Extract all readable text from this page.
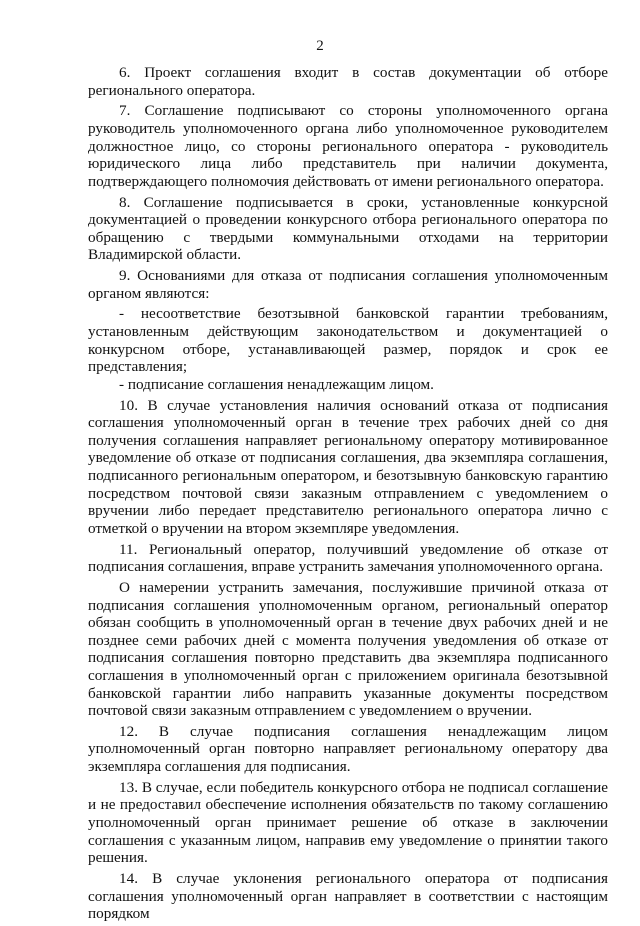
2

6. Проект соглашения входит в состав документации об отборе регионального оператора.

7. Соглашение подписывают со стороны уполномоченного органа руководитель уполномоченного органа либо уполномоченное руководителем должностное лицо, со стороны регионального оператора - руководитель юридического лица либо представитель при наличии документа, подтверждающего полномочия действовать от имени регионального оператора.

8. Соглашение подписывается в сроки, установленные конкурсной документацией о проведении конкурсного отбора регионального оператора по обращению с твердыми коммунальными отходами на территории Владимирской области.

9. Основаниями для отказа от подписания соглашения уполномоченным органом являются:

- несоответствие безотзывной банковской гарантии требованиям, установленным действующим законодательством и документацией о конкурсном отборе, устанавливающей размер, порядок и срок ее представления;

- подписание соглашения ненадлежащим лицом.

10. В случае установления наличия оснований отказа от подписания соглашения уполномоченный орган в течение трех рабочих дней со дня получения соглашения направляет региональному оператору мотивированное уведомление об отказе от подписания соглашения, два экземпляра соглашения, подписанного региональным оператором, и безотзывную банковскую гарантию посредством почтовой связи заказным отправлением с уведомлением о вручении либо передает представителю регионального оператора лично с отметкой о вручении на втором экземпляре уведомления.

11. Региональный оператор, получивший уведомление об отказе от подписания соглашения, вправе устранить замечания уполномоченного органа.

О намерении устранить замечания, послужившие причиной отказа от подписания соглашения уполномоченным органом, региональный оператор обязан сообщить в уполномоченный орган в течение двух рабочих дней и не позднее семи рабочих дней с момента получения уведомления об отказе от подписания соглашения повторно представить два экземпляра подписанного соглашения в уполномоченный орган с приложением оригинала безотзывной банковской гарантии либо направить указанные документы посредством почтовой связи заказным отправлением с уведомлением о вручении.

12. В случае подписания соглашения ненадлежащим лицом уполномоченный орган повторно направляет региональному оператору два экземпляра соглашения для подписания.

13. В случае, если победитель конкурсного отбора не подписал соглашение и не предоставил обеспечение исполнения обязательств по такому соглашению уполномоченный орган принимает решение об отказе в заключении соглашения с указанным лицом, направив ему уведомление о принятии такого решения.

14. В случае уклонения регионального оператора от подписания соглашения уполномоченный орган направляет в соответствии с настоящим порядком
